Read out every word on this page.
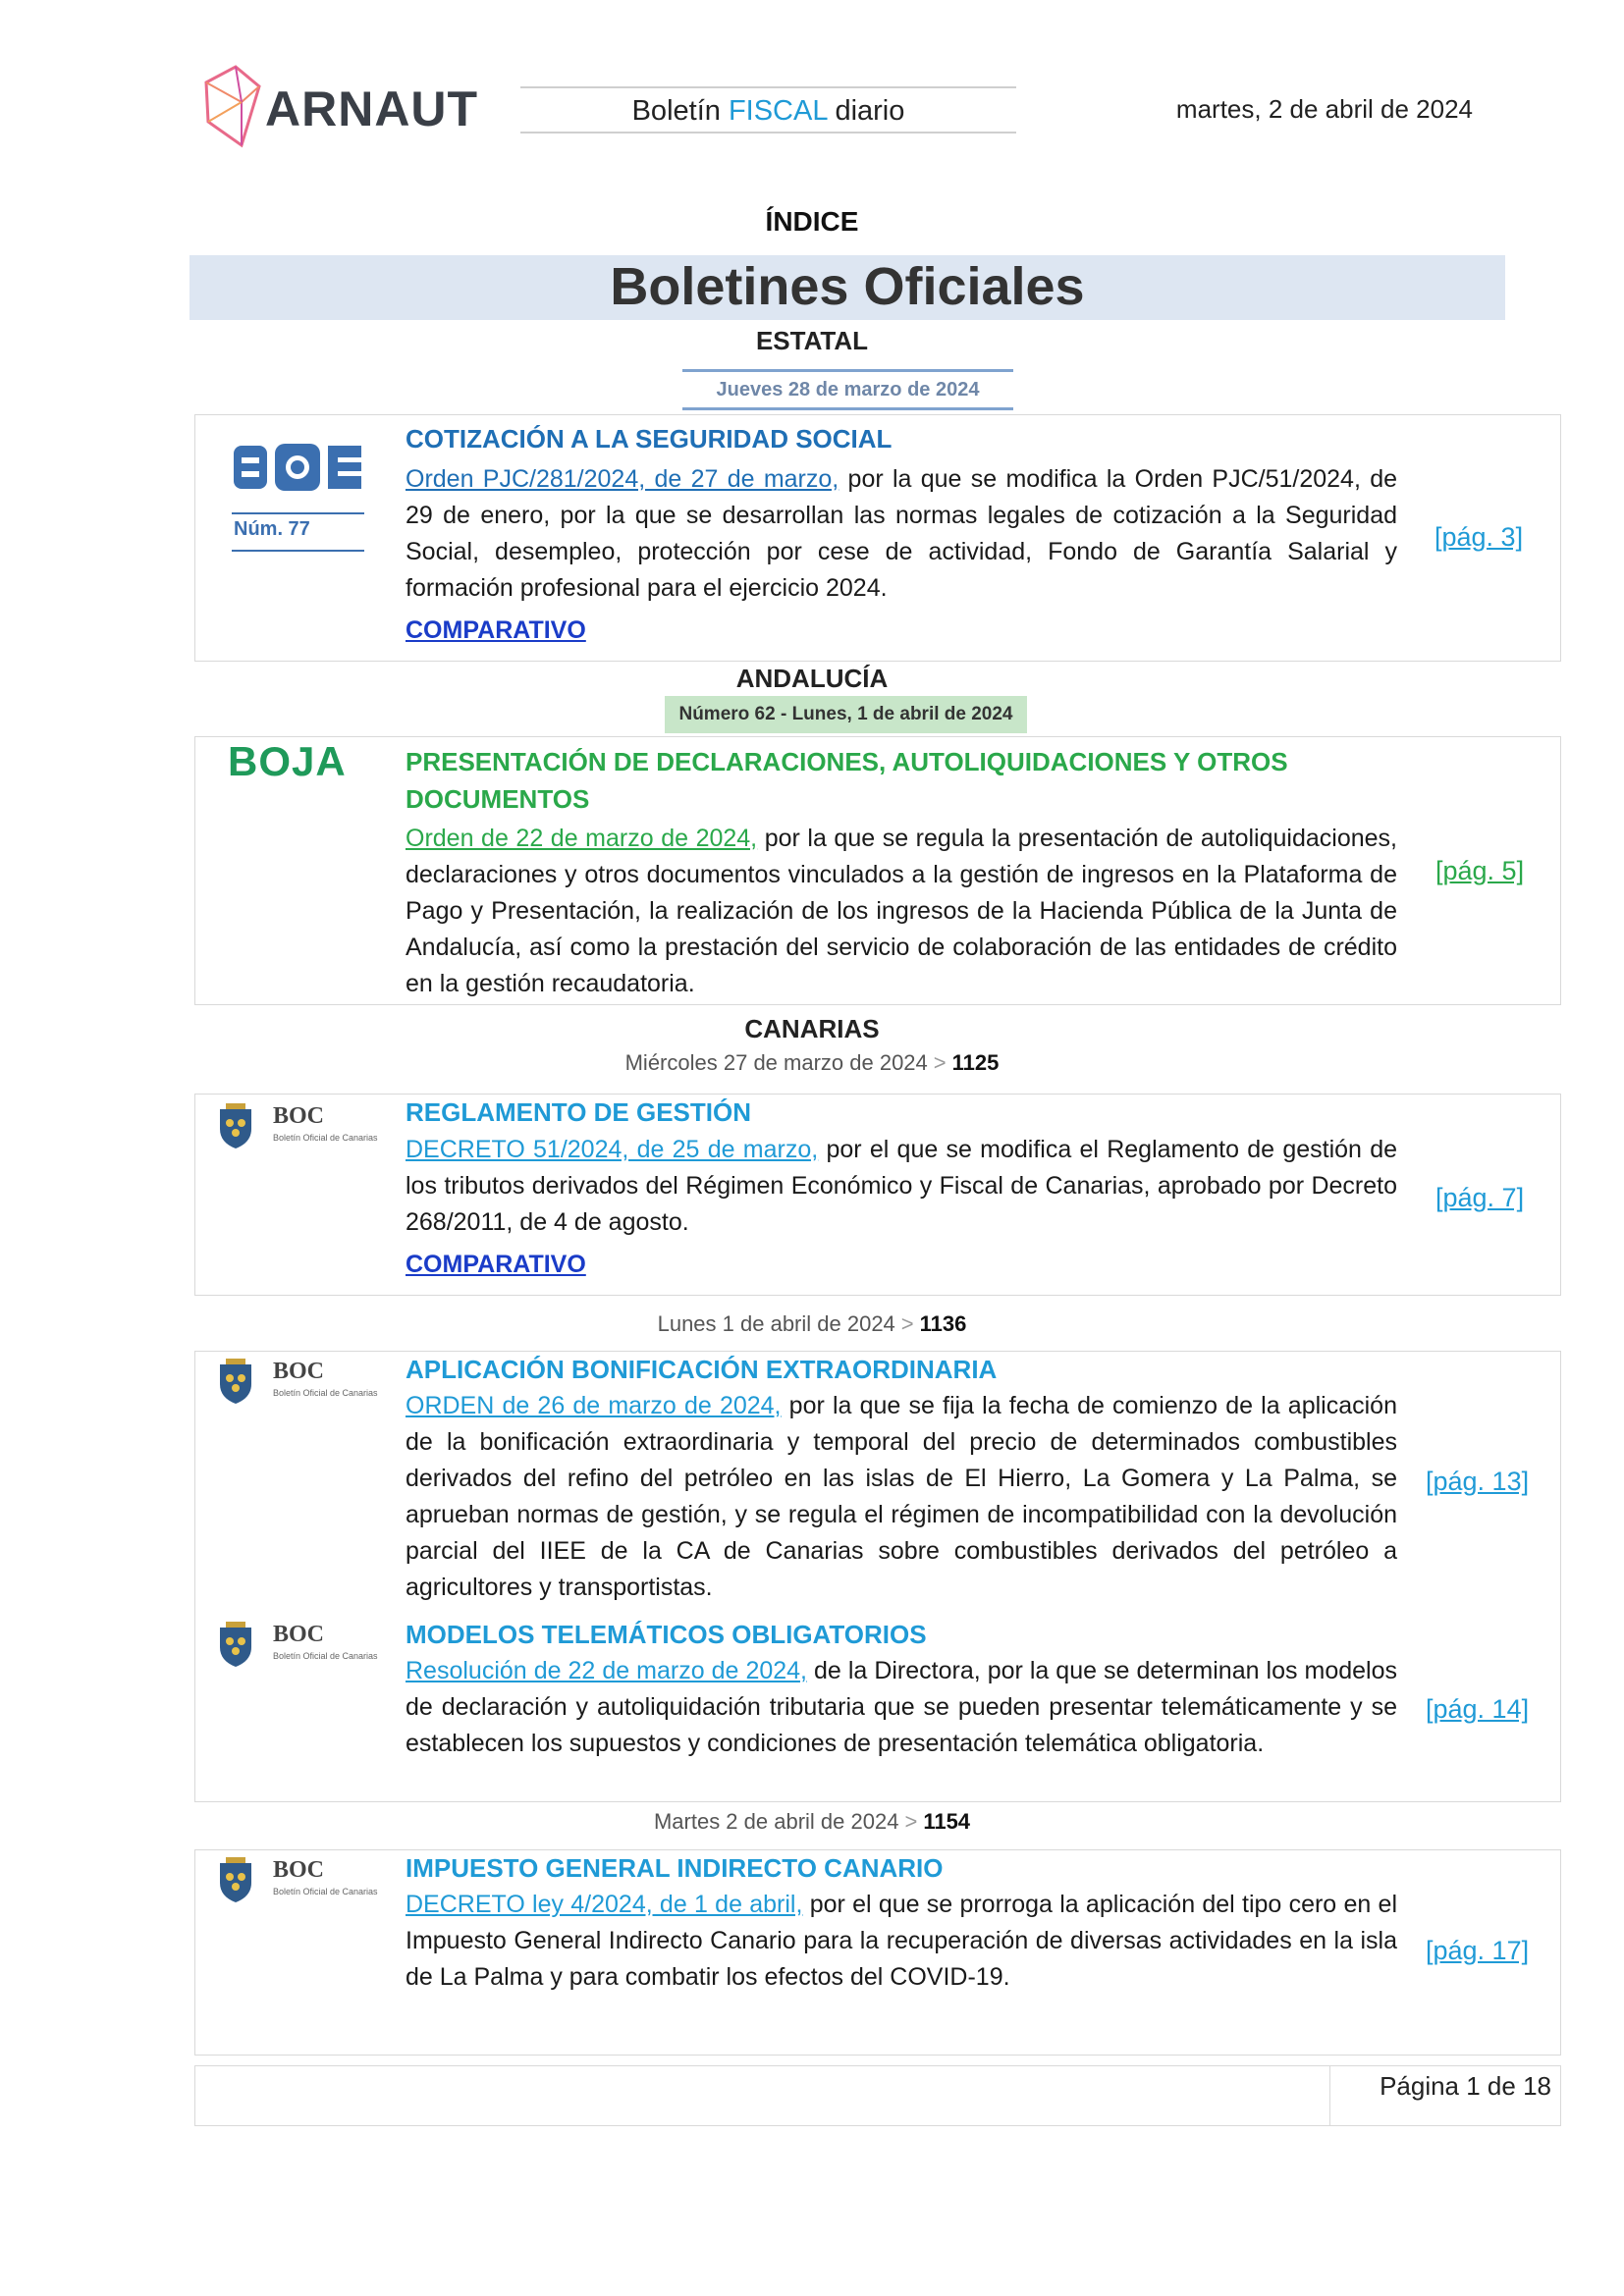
ARNAUT	Boletín FISCAL diario	martes, 2 de abril de 2024
ÍNDICE
Boletines Oficiales
ESTATAL
Jueves 28 de marzo de 2024
Núm. 77
COTIZACIÓN A LA SEGURIDAD SOCIAL
Orden PJC/281/2024, de 27 de marzo, por la que se modifica la Orden PJC/51/2024, de 29 de enero, por la que se desarrollan las normas legales de cotización a la Seguridad Social, desempleo, protección por cese de actividad, Fondo de Garantía Salarial y formación profesional para el ejercicio 2024.
COMPARATIVO
[pág. 3]
ANDALUCÍA
Número 62 - Lunes, 1 de abril de 2024
BOJA PRESENTACIÓN DE DECLARACIONES, AUTOLIQUIDACIONES Y OTROS DOCUMENTOS
Orden de 22 de marzo de 2024, por la que se regula la presentación de autoliquidaciones, declaraciones y otros documentos vinculados a la gestión de ingresos en la Plataforma de Pago y Presentación, la realización de los ingresos de la Hacienda Pública de la Junta de Andalucía, así como la prestación del servicio de colaboración de las entidades de crédito en la gestión recaudatoria.
[pág. 5]
CANARIAS
Miércoles 27 de marzo de 2024 > 1125
BOC
Boletín Oficial de Canarias
REGLAMENTO DE GESTIÓN
DECRETO 51/2024, de 25 de marzo, por el que se modifica el Reglamento de gestión de los tributos derivados del Régimen Económico y Fiscal de Canarias, aprobado por Decreto 268/2011, de 4 de agosto.
COMPARATIVO
[pág. 7]
Lunes 1 de abril de 2024 > 1136
BOC
Boletín Oficial de Canarias
APLICACIÓN BONIFICACIÓN EXTRAORDINARIA
ORDEN de 26 de marzo de 2024, por la que se fija la fecha de comienzo de la aplicación de la bonificación extraordinaria y temporal del precio de determinados combustibles derivados del refino del petróleo en las islas de El Hierro, La Gomera y La Palma, se aprueban normas de gestión, y se regula el régimen de incompatibilidad con la devolución parcial del IIEE de la CA de Canarias sobre combustibles derivados del petróleo a agricultores y transportistas.
[pág. 13]
BOC
Boletín Oficial de Canarias
MODELOS TELEMÁTICOS OBLIGATORIOS
Resolución de 22 de marzo de 2024, de la Directora, por la que se determinan los modelos de declaración y autoliquidación tributaria que se pueden presentar telemáticamente y se establecen los supuestos y condiciones de presentación telemática obligatoria.
[pág. 14]
Martes 2 de abril de 2024 > 1154
BOC
Boletín Oficial de Canarias
IMPUESTO GENERAL INDIRECTO CANARIO
DECRETO ley 4/2024, de 1 de abril, por el que se prorroga la aplicación del tipo cero en el Impuesto General Indirecto Canario para la recuperación de diversas actividades en la isla de La Palma y para combatir los efectos del COVID-19.
[pág. 17]
Página 1 de 18
